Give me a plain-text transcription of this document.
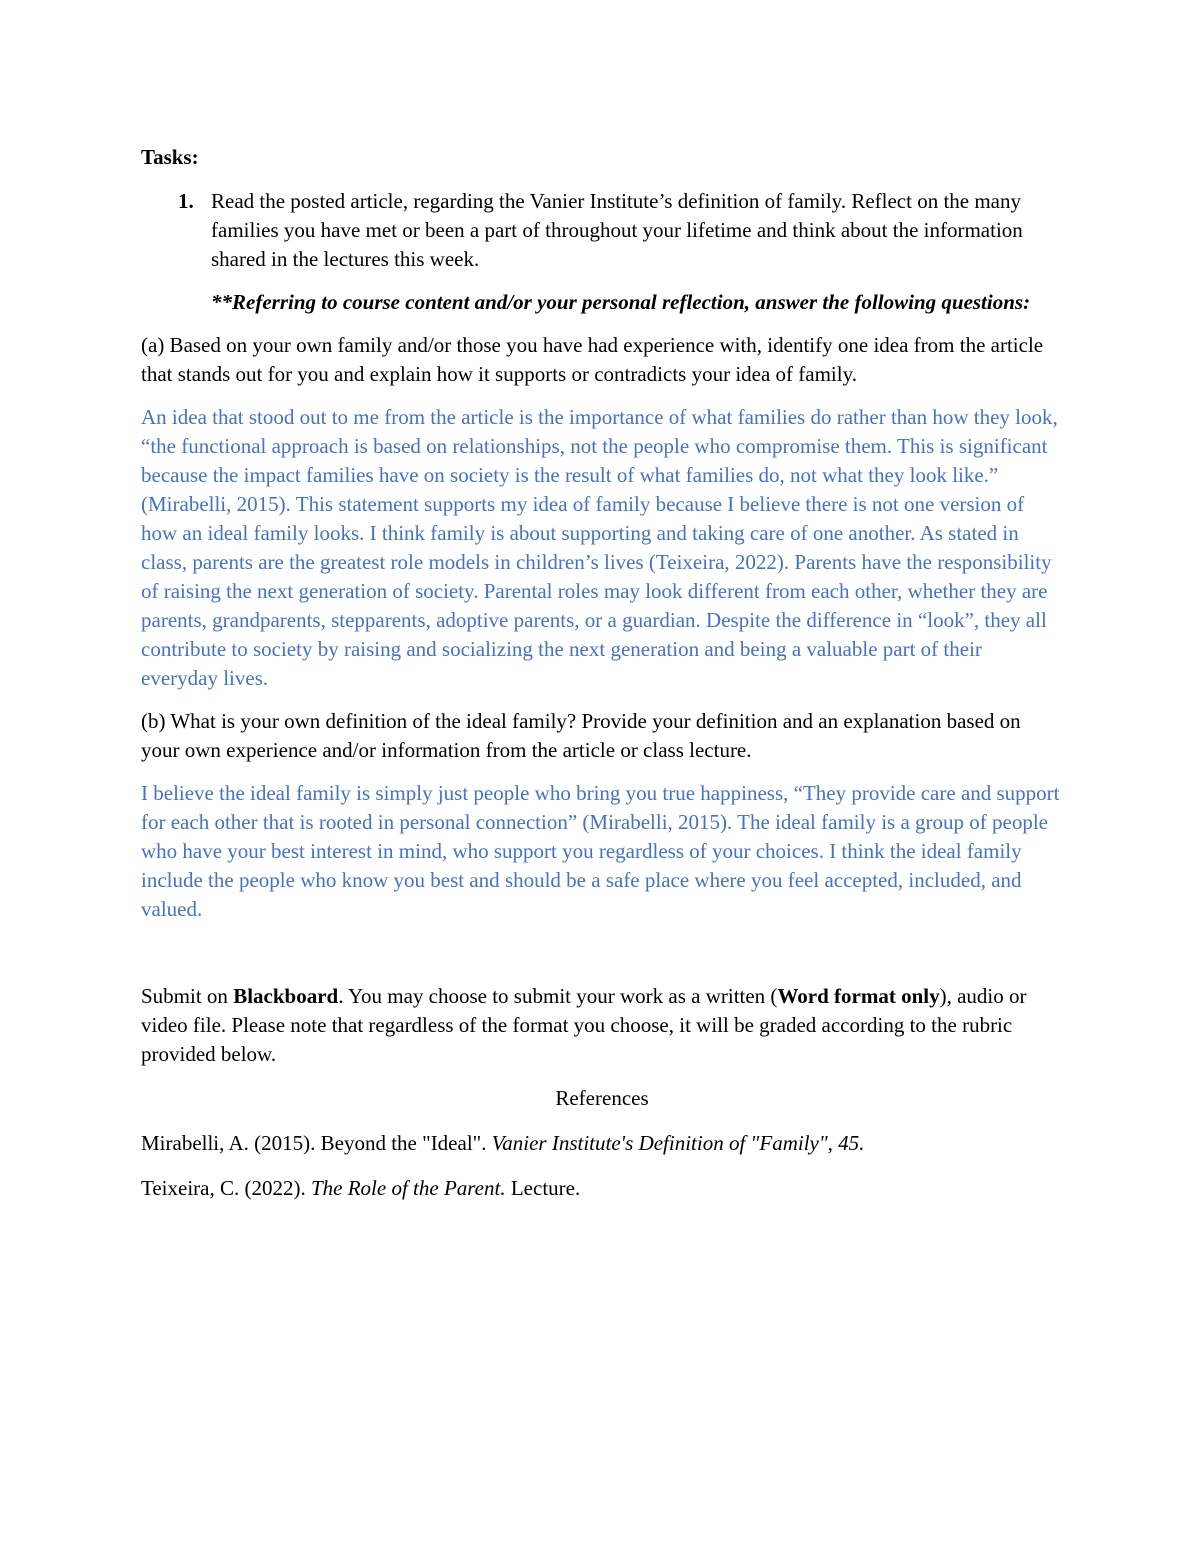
Tasks:
1. Read the posted article, regarding the Vanier Institute’s definition of family. Reflect on the many families you have met or been a part of throughout your lifetime and think about the information shared in the lectures this week.
**Referring to course content and/or your personal reflection, answer the following questions:
(a) Based on your own family and/or those you have had experience with, identify one idea from the article that stands out for you and explain how it supports or contradicts your idea of family.
An idea that stood out to me from the article is the importance of what families do rather than how they look, “the functional approach is based on relationships, not the people who compromise them. This is significant because the impact families have on society is the result of what families do, not what they look like.” (Mirabelli, 2015). This statement supports my idea of family because I believe there is not one version of how an ideal family looks. I think family is about supporting and taking care of one another. As stated in class, parents are the greatest role models in children’s lives (Teixeira, 2022). Parents have the responsibility of raising the next generation of society. Parental roles may look different from each other, whether they are parents, grandparents, stepparents, adoptive parents, or a guardian. Despite the difference in “look”, they all contribute to society by raising and socializing the next generation and being a valuable part of their everyday lives.
(b) What is your own definition of the ideal family? Provide your definition and an explanation based on your own experience and/or information from the article or class lecture.
I believe the ideal family is simply just people who bring you true happiness, “They provide care and support for each other that is rooted in personal connection” (Mirabelli, 2015). The ideal family is a group of people who have your best interest in mind, who support you regardless of your choices. I think the ideal family include the people who know you best and should be a safe place where you feel accepted, included, and valued.
Submit on Blackboard. You may choose to submit your work as a written (Word format only), audio or video file. Please note that regardless of the format you choose, it will be graded according to the rubric provided below.
References
Mirabelli, A. (2015). Beyond the "Ideal". Vanier Institute's Definition of "Family", 45.
Teixeira, C. (2022). The Role of the Parent. Lecture.
